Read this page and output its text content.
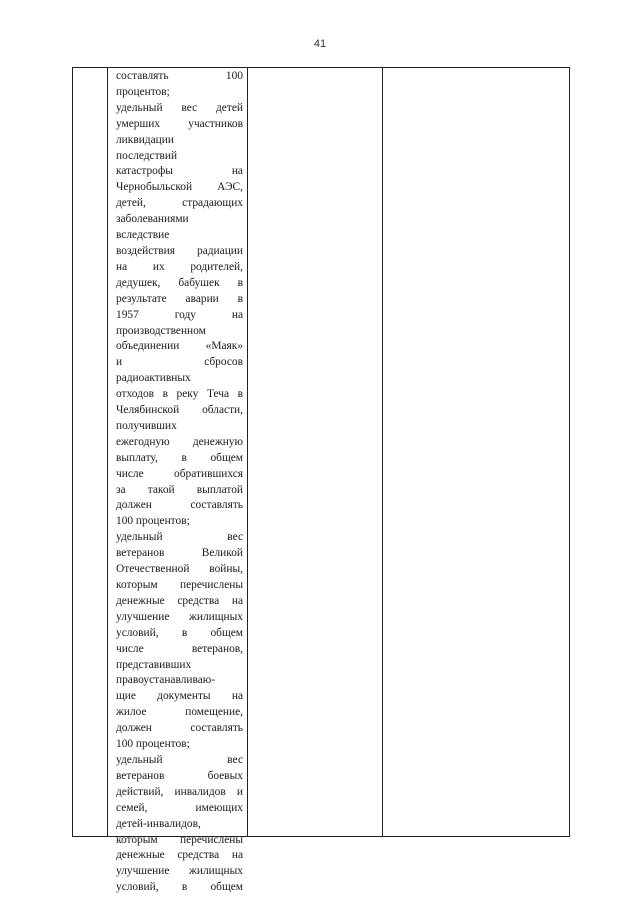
41
составлять 100
процентов;
удельный вес детей
умерших участников
ликвидации
последствий
катастрофы на
Чернобыльской АЭС,
детей, страдающих
заболеваниями
вследствие
воздействия радиации
на их родителей,
дедушек, бабушек в
результате аварии в
1957 году на
производственном
объединении «Маяк»
и сбросов
радиоактивных
отходов в реку Теча в
Челябинской области,
получивших
ежегодную денежную
выплату, в общем
числе обратившихся
за такой выплатой
должен составлять
100 процентов;
удельный вес
ветеранов Великой
Отечественной войны,
которым перечислены
денежные средства на
улучшение жилищных
условий, в общем
числе ветеранов,
представивших
правоустанавливаю-
щие документы на
жилое помещение,
должен составлять
100 процентов;
удельный вес
ветеранов боевых
действий, инвалидов и
семей, имеющих
детей-инвалидов,
которым перечислены
денежные средства на
улучшение жилищных
условий, в общем
